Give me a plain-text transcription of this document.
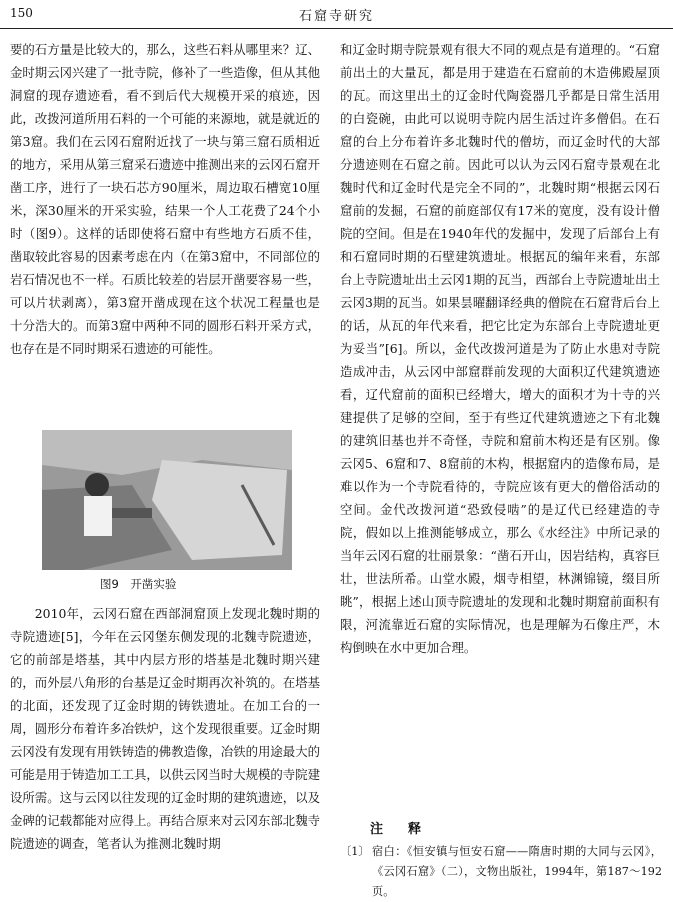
150	石窟寺研究

要的石方量是比较大的，那么，这些石料从哪里来？辽、金时期云冈兴建了一批寺院，修补了一些造像，但从其他洞窟的现存遗迹看，看不到后代大规模开采的痕迹，因此，改拨河道所用石料的一个可能的来源地，就是就近的第3窟。我们在云冈石窟附近找了一块与第三窟石质相近的地方，采用从第三窟采石遗迹中推测出来的云冈石窟开凿工序，进行了一块石芯方90厘米，周边取石槽宽10厘米，深30厘米的开采实验，结果一个人工花费了24个小时（图9）。这样的话即使将石窟中有些地方石质不佳，凿取较此容易的因素考虑在内（在第3窟中，不同部位的岩石情况也不一样。石质比较差的岩层开凿要容易一些，可以片状剥离），第3窟开凿成现在这个状况工程量也是十分浩大的。而第3窟中两种不同的圆形石料开采方式，也存在是不同时期采石遗迹的可能性。

图9　开凿实验

2010年，云冈石窟在西部洞窟顶上发现北魏时期的寺院遗迹[5]，今年在云冈堡东侧发现的北魏寺院遗迹，它的前部是塔基，其中内层方形的塔基是北魏时期兴建的，而外层八角形的台基是辽金时期再次补筑的。在塔基的北面，还发现了辽金时期的铸铁遗址。在加工台的一周，圆形分布着许多冶铁炉，这个发现很重要。辽金时期云冈没有发现有用铁铸造的佛教造像，冶铁的用途最大的可能是用于铸造加工工具，以供云冈当时大规模的寺院建设所需。这与云冈以往发现的辽金时期的建筑遗迹，以及金碑的记载都能对应得上。再结合原来对云冈东部北魏寺院遗迹的调查，笔者认为推测北魏时期

和辽金时期寺院景观有很大不同的观点是有道理的。“石窟前出土的大量瓦，都是用于建造在石窟前的木造佛殿屋顶的瓦。而这里出土的辽金时代陶瓷器几乎都是日常生活用的白瓷碗，由此可以说明寺院内居生活过许多僧侣。在石窟的台上分布着许多北魏时代的僧坊，而辽金时代的大部分遗迹则在石窟之前。因此可以认为云冈石窟寺景观在北魏时代和辽金时代是完全不同的”，北魏时期“根据云冈石窟前的发掘，石窟的前庭部仅有17米的宽度，没有设计僧院的空间。但是在1940年代的发掘中，发现了后部台上有和石窟同时期的石壁建筑遗址。根据瓦的编年来看，东部台上寺院遗址出土云冈1期的瓦当，西部台上寺院遗址出土云冈3期的瓦当。如果昙曜翻译经典的僧院在石窟背后台上的话，从瓦的年代来看，把它比定为东部台上寺院遗址更为妥当”[6]。所以，金代改拨河道是为了防止水患对寺院造成冲击，从云冈中部窟群前发现的大面积辽代建筑遗迹看，辽代窟前的面积已经增大，增大的面积才为十寺的兴建提供了足够的空间，至于有些辽代建筑遗迹之下有北魏的建筑旧基也并不奇怪，寺院和窟前木构还是有区别。像云冈5、6窟和7、8窟前的木构，根据窟内的造像布局，是难以作为一个寺院看待的，寺院应该有更大的僧俗活动的空间。金代改拨河道“恐致侵啮”的是辽代已经建造的寺院，假如以上推测能够成立，那么《水经注》中所记录的当年云冈石窟的壮丽景象：“凿石开山，因岩结构，真容巨壮，世法所希。山堂水殿，烟寺相望，林渊锦镜，缀目所眺”，根据上述山顶寺院遗址的发现和北魏时期窟前面积有限，河流靠近石窟的实际情况，也是理解为石像庄严，木构倒映在水中更加合理。

注　释
〔1〕 宿白：《恒安镇与恒安石窟——隋唐时期的大同与云冈》，《云冈石窟》（二），文物出版社，1994年，第187～192页。
